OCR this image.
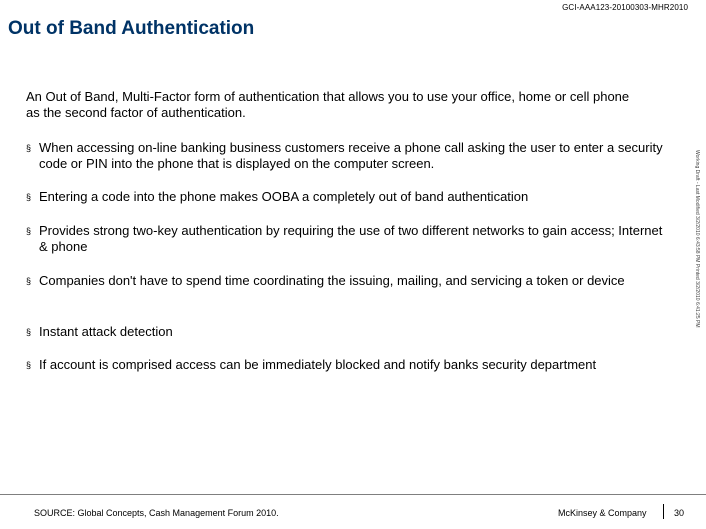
GCI-AAA123-20100303-MHR2010
Out of Band Authentication
An Out of Band, Multi-Factor form of authentication that allows you to use your office, home or cell phone as the second factor of authentication.
§ When accessing on-line banking business customers receive a phone call asking the user to enter a security code or PIN into the phone that is displayed on the computer screen.
§ Entering a code into the phone makes OOBA a completely out of band authentication
§ Provides strong two-key authentication by requiring the use of two different networks to gain access; Internet & phone
§ Companies don't have to spend time coordinating the issuing, mailing, and servicing a token or device
§ Instant attack detection
§ If account is comprised access can be immediately blocked and notify banks security department
Working Draft - Last Modified 3/2/2010 6:43:58 PM Printed 3/2/2010 6:41:25 PM
SOURCE: Global Concepts, Cash Management Forum 2010.	McKinsey & Company	30
